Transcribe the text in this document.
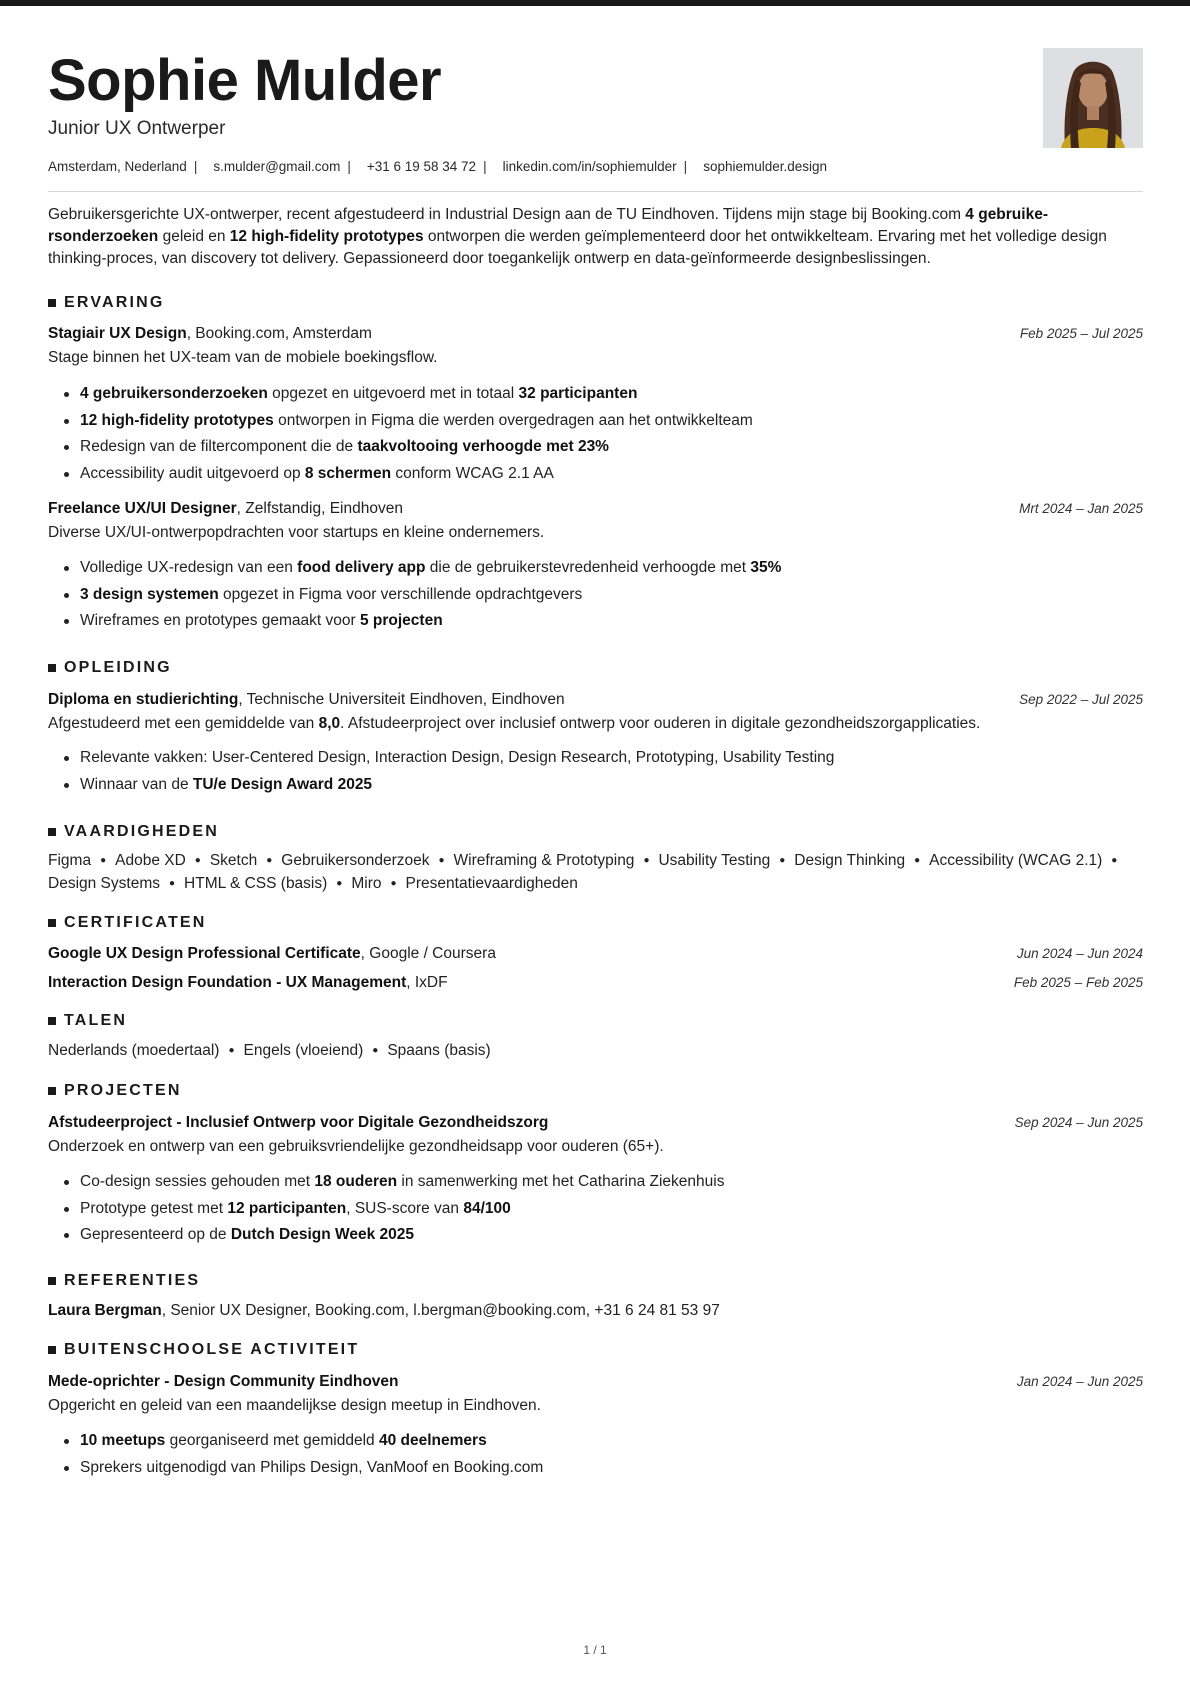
Sophie Mulder
Junior UX Ontwerper
Amsterdam, Nederland | s.mulder@gmail.com | +31 6 19 58 34 72 | linkedin.com/in/sophiemulder | sophiemulder.design

Gebruikersgerichte UX-ontwerper, recent afgestudeerd in Industrial Design aan de TU Eindhoven. Tijdens mijn stage bij Booking.com 4 gebruike-rsonderzoeken geleid en 12 high-fidelity prototypes ontworpen die werden geïmplementeerd door het ontwikkelteam. Ervaring met het volledige design thinking-proces, van discovery tot delivery. Gepassioneerd door toegankelijk ontwerp en data-geïnformeerde designbeslissingen.

ERVARING
Stagiair UX Design, Booking.com, Amsterdam	Feb 2025 – Jul 2025
Stage binnen het UX-team van de mobiele boekingsflow.
4 gebruikersonderzoeken opgezet en uitgevoerd met in totaal 32 participanten
12 high-fidelity prototypes ontworpen in Figma die werden overgedragen aan het ontwikkelteam
Redesign van de filtercomponent die de taakvoltooing verhoogde met 23%
Accessibility audit uitgevoerd op 8 schermen conform WCAG 2.1 AA
Freelance UX/UI Designer, Zelfstandig, Eindhoven	Mrt 2024 – Jan 2025
Diverse UX/UI-ontwerpopdrachten voor startups en kleine ondernemers.
Volledige UX-redesign van een food delivery app die de gebruikerstevredenheid verhoogde met 35%
3 design systemen opgezet in Figma voor verschillende opdrachtgevers
Wireframes en prototypes gemaakt voor 5 projecten
OPLEIDING
Diploma en studierichting, Technische Universiteit Eindhoven, Eindhoven	Sep 2022 – Jul 2025
Afgestudeerd met een gemiddelde van 8,0. Afstudeerproject over inclusief ontwerp voor ouderen in digitale gezondheidszorgapplicaties.
Relevante vakken: User-Centered Design, Interaction Design, Design Research, Prototyping, Usability Testing
Winnaar van de TU/e Design Award 2025
VAARDIGHEDEN
Figma ● Adobe XD ● Sketch ● Gebruikersonderzoek ● Wireframing & Prototyping ● Usability Testing ● Design Thinking ● Accessibility (WCAG 2.1) ●Design Systems ● HTML & CSS (basis) ● Miro ● Presentatievaardigheden
CERTIFICATEN
Google UX Design Professional Certificate, Google / Coursera	Jun 2024 – Jun 2024
Interaction Design Foundation - UX Management, IxDF	Feb 2025 – Feb 2025
TALEN
Nederlands (moedertaal) ● Engels (vloeiend) ● Spaans (basis)
PROJECTEN
Afstudeerproject - Inclusief Ontwerp voor Digitale Gezondheidszorg	Sep 2024 – Jun 2025
Onderzoek en ontwerp van een gebruiksvriendelijke gezondheidsapp voor ouderen (65+).
Co-design sessies gehouden met 18 ouderen in samenwerking met het Catharina Ziekenhuis
Prototype getest met 12 participanten, SUS-score van 84/100
Gepresenteerd op de Dutch Design Week 2025
REFERENTIES
Laura Bergman, Senior UX Designer, Booking.com, l.bergman@booking.com, +31 6 24 81 53 97
BUITENSCHOOLSE ACTIVITEIT
Mede-oprichter - Design Community Eindhoven	Jan 2024 – Jun 2025
Opgericht en geleid van een maandelijkse design meetup in Eindhoven.
10 meetups georganiseerd met gemiddeld 40 deelnemers
Sprekers uitgenodigd van Philips Design, VanMoof en Booking.com
1 / 1
